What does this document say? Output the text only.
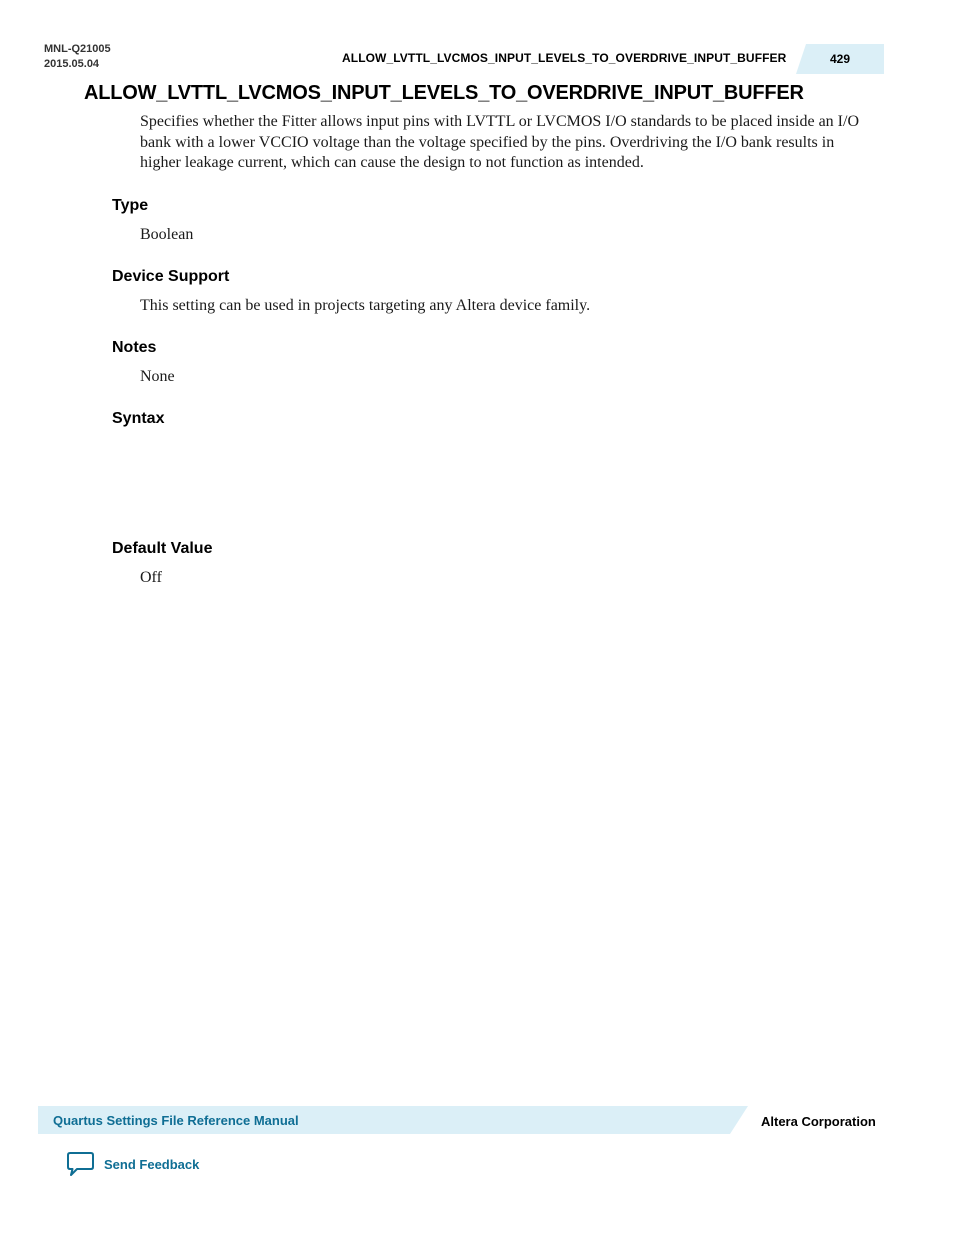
MNL-Q21005
2015.05.04	ALLOW_LVTTL_LVCMOS_INPUT_LEVELS_TO_OVERDRIVE_INPUT_BUFFER	429
ALLOW_LVTTL_LVCMOS_INPUT_LEVELS_TO_OVERDRIVE_INPUT_BUFFER

Specifies whether the Fitter allows input pins with LVTTL or LVCMOS I/O standards to be placed inside an I/O bank with a lower VCCIO voltage than the voltage specified by the pins. Overdriving the I/O bank results in higher leakage current, which can cause the design to not function as intended.

Type

Boolean

Device Support

This setting can be used in projects targeting any Altera device family.

Notes

None

Syntax
Default Value

Off

Quartus Settings File Reference Manual	Altera Corporation
Send Feedback
